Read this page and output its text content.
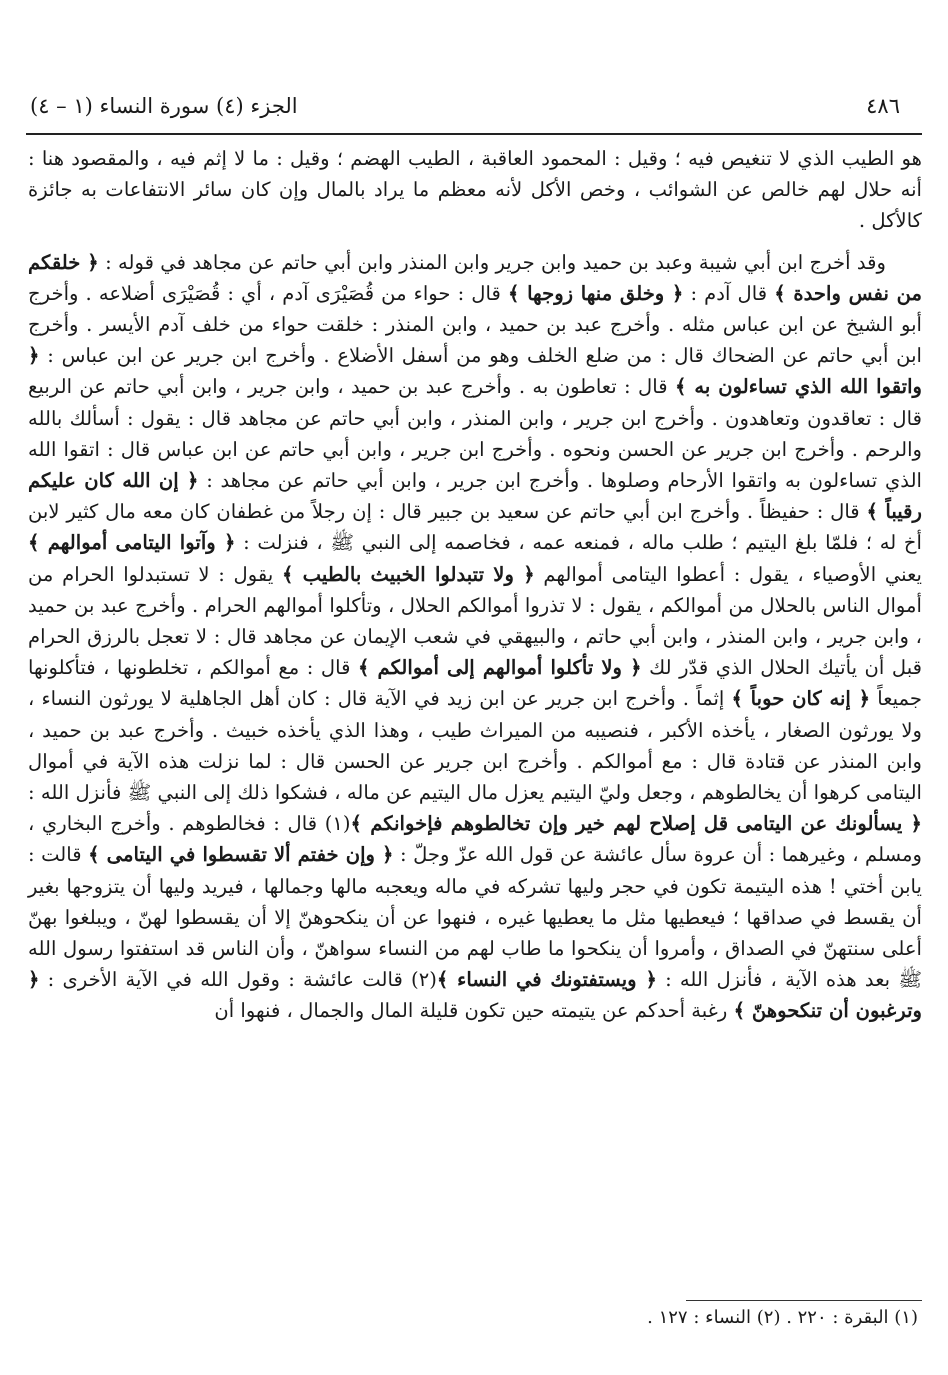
٤٨٦
الجزء (٤) سورة النساء (١ – ٤)

هو الطيب الذي لا تنغيص فيه ؛ وقيل : المحمود العاقبة ، الطيب الهضم ؛ وقيل : ما لا إثم فيه ، والمقصود هنا : أنه حلال لهم خالص عن الشوائب ، وخص الأكل لأنه معظم ما يراد بالمال وإن كان سائر الانتفاعات به جائزة كالأكل .

وقد أخرج ابن أبي شيبة وعبد بن حميد وابن جرير وابن المنذر وابن أبي حاتم عن مجاهد في قوله : ﴿ خلقكم من نفس واحدة ﴾ قال آدم : ﴿ وخلق منها زوجها ﴾ قال : حواء من قُصَيْرَى آدم ، أي : قُصَيْرَى أضلاعه . وأخرج أبو الشيخ عن ابن عباس مثله . وأخرج عبد بن حميد ، وابن المنذر : خلقت حواء من خلف آدم الأيسر . وأخرج ابن أبي حاتم عن الضحاك قال : من ضلع الخلف وهو من أسفل الأضلاع . وأخرج ابن جرير عن ابن عباس : ﴿ واتقوا الله الذي تساءلون به ﴾ قال : تعاطون به . وأخرج عبد بن حميد ، وابن جرير ، وابن أبي حاتم عن الربيع قال : تعاقدون وتعاهدون . وأخرج ابن جرير ، وابن المنذر ، وابن أبي حاتم عن مجاهد قال : يقول : أسألك بالله والرحم . وأخرج ابن جرير عن الحسن ونحوه . وأخرج ابن جرير ، وابن أبي حاتم عن ابن عباس قال : اتقوا الله الذي تساءلون به واتقوا الأرحام وصلوها . وأخرج ابن جرير ، وابن أبي حاتم عن مجاهد : ﴿ إن الله كان عليكم رقيباً ﴾ قال : حفيظاً . وأخرج ابن أبي حاتم عن سعيد بن جبير قال : إن رجلاً من غطفان كان معه مال كثير لابن أخ له ؛ فلمّا بلغ اليتيم ؛ طلب ماله ، فمنعه عمه ، فخاصمه إلى النبي ﷺ ، فنزلت : ﴿ وآتوا اليتامى أموالهم ﴾ يعني الأوصياء ، يقول : أعطوا اليتامى أموالهم ﴿ ولا تتبدلوا الخبيث بالطيب ﴾ يقول : لا تستبدلوا الحرام من أموال الناس بالحلال من أموالكم ، يقول : لا تذروا أموالكم الحلال ، وتأكلوا أموالهم الحرام . وأخرج عبد بن حميد ، وابن جرير ، وابن المنذر ، وابن أبي حاتم ، والبيهقي في شعب الإيمان عن مجاهد قال : لا تعجل بالرزق الحرام قبل أن يأتيك الحلال الذي قدّر لك ﴿ ولا تأكلوا أموالهم إلى أموالكم ﴾ قال : مع أموالكم ، تخلطونها ، فتأكلونها جميعاً ﴿ إنه كان حوباً ﴾ إثماً . وأخرج ابن جرير عن ابن زيد في الآية قال : كان أهل الجاهلية لا يورثون النساء ، ولا يورثون الصغار ، يأخذه الأكبر ، فنصيبه من الميراث طيب ، وهذا الذي يأخذه خبيث . وأخرج عبد بن حميد ، وابن المنذر عن قتادة قال : مع أموالكم . وأخرج ابن جرير عن الحسن قال : لما نزلت هذه الآية في أموال اليتامى كرهوا أن يخالطوهم ، وجعل وليّ اليتيم يعزل مال اليتيم عن ماله ، فشكوا ذلك إلى النبي ﷺ فأنزل الله : ﴿ يسألونك عن اليتامى قل إصلاح لهم خير وإن تخالطوهم فإخوانكم ﴾(١) قال : فخالطوهم . وأخرج البخاري ، ومسلم ، وغيرهما : أن عروة سأل عائشة عن قول الله عزّ وجلّ : ﴿ وإن خفتم ألا تقسطوا في اليتامى ﴾ قالت : يابن أختي ! هذه اليتيمة تكون في حجر وليها تشركه في ماله ويعجبه مالها وجمالها ، فيريد وليها أن يتزوجها بغير أن يقسط في صداقها ؛ فيعطيها مثل ما يعطيها غيره ، فنهوا عن أن ينكحوهنّ إلا أن يقسطوا لهنّ ، ويبلغوا بهنّ أعلى سنتهنّ في الصداق ، وأمروا أن ينكحوا ما طاب لهم من النساء سواهنّ ، وأن الناس قد استفتوا رسول الله ﷺ بعد هذه الآية ، فأنزل الله : ﴿ ويستفتونك في النساء ﴾(٢) قالت عائشة : وقول الله في الآية الأخرى : ﴿ وترغبون أن تنكحوهنّ ﴾ رغبة أحدكم عن يتيمته حين تكون قليلة المال والجمال ، فنهوا أن

(١) البقرة : ٢٢٠ . (٢) النساء : ١٢٧ .
